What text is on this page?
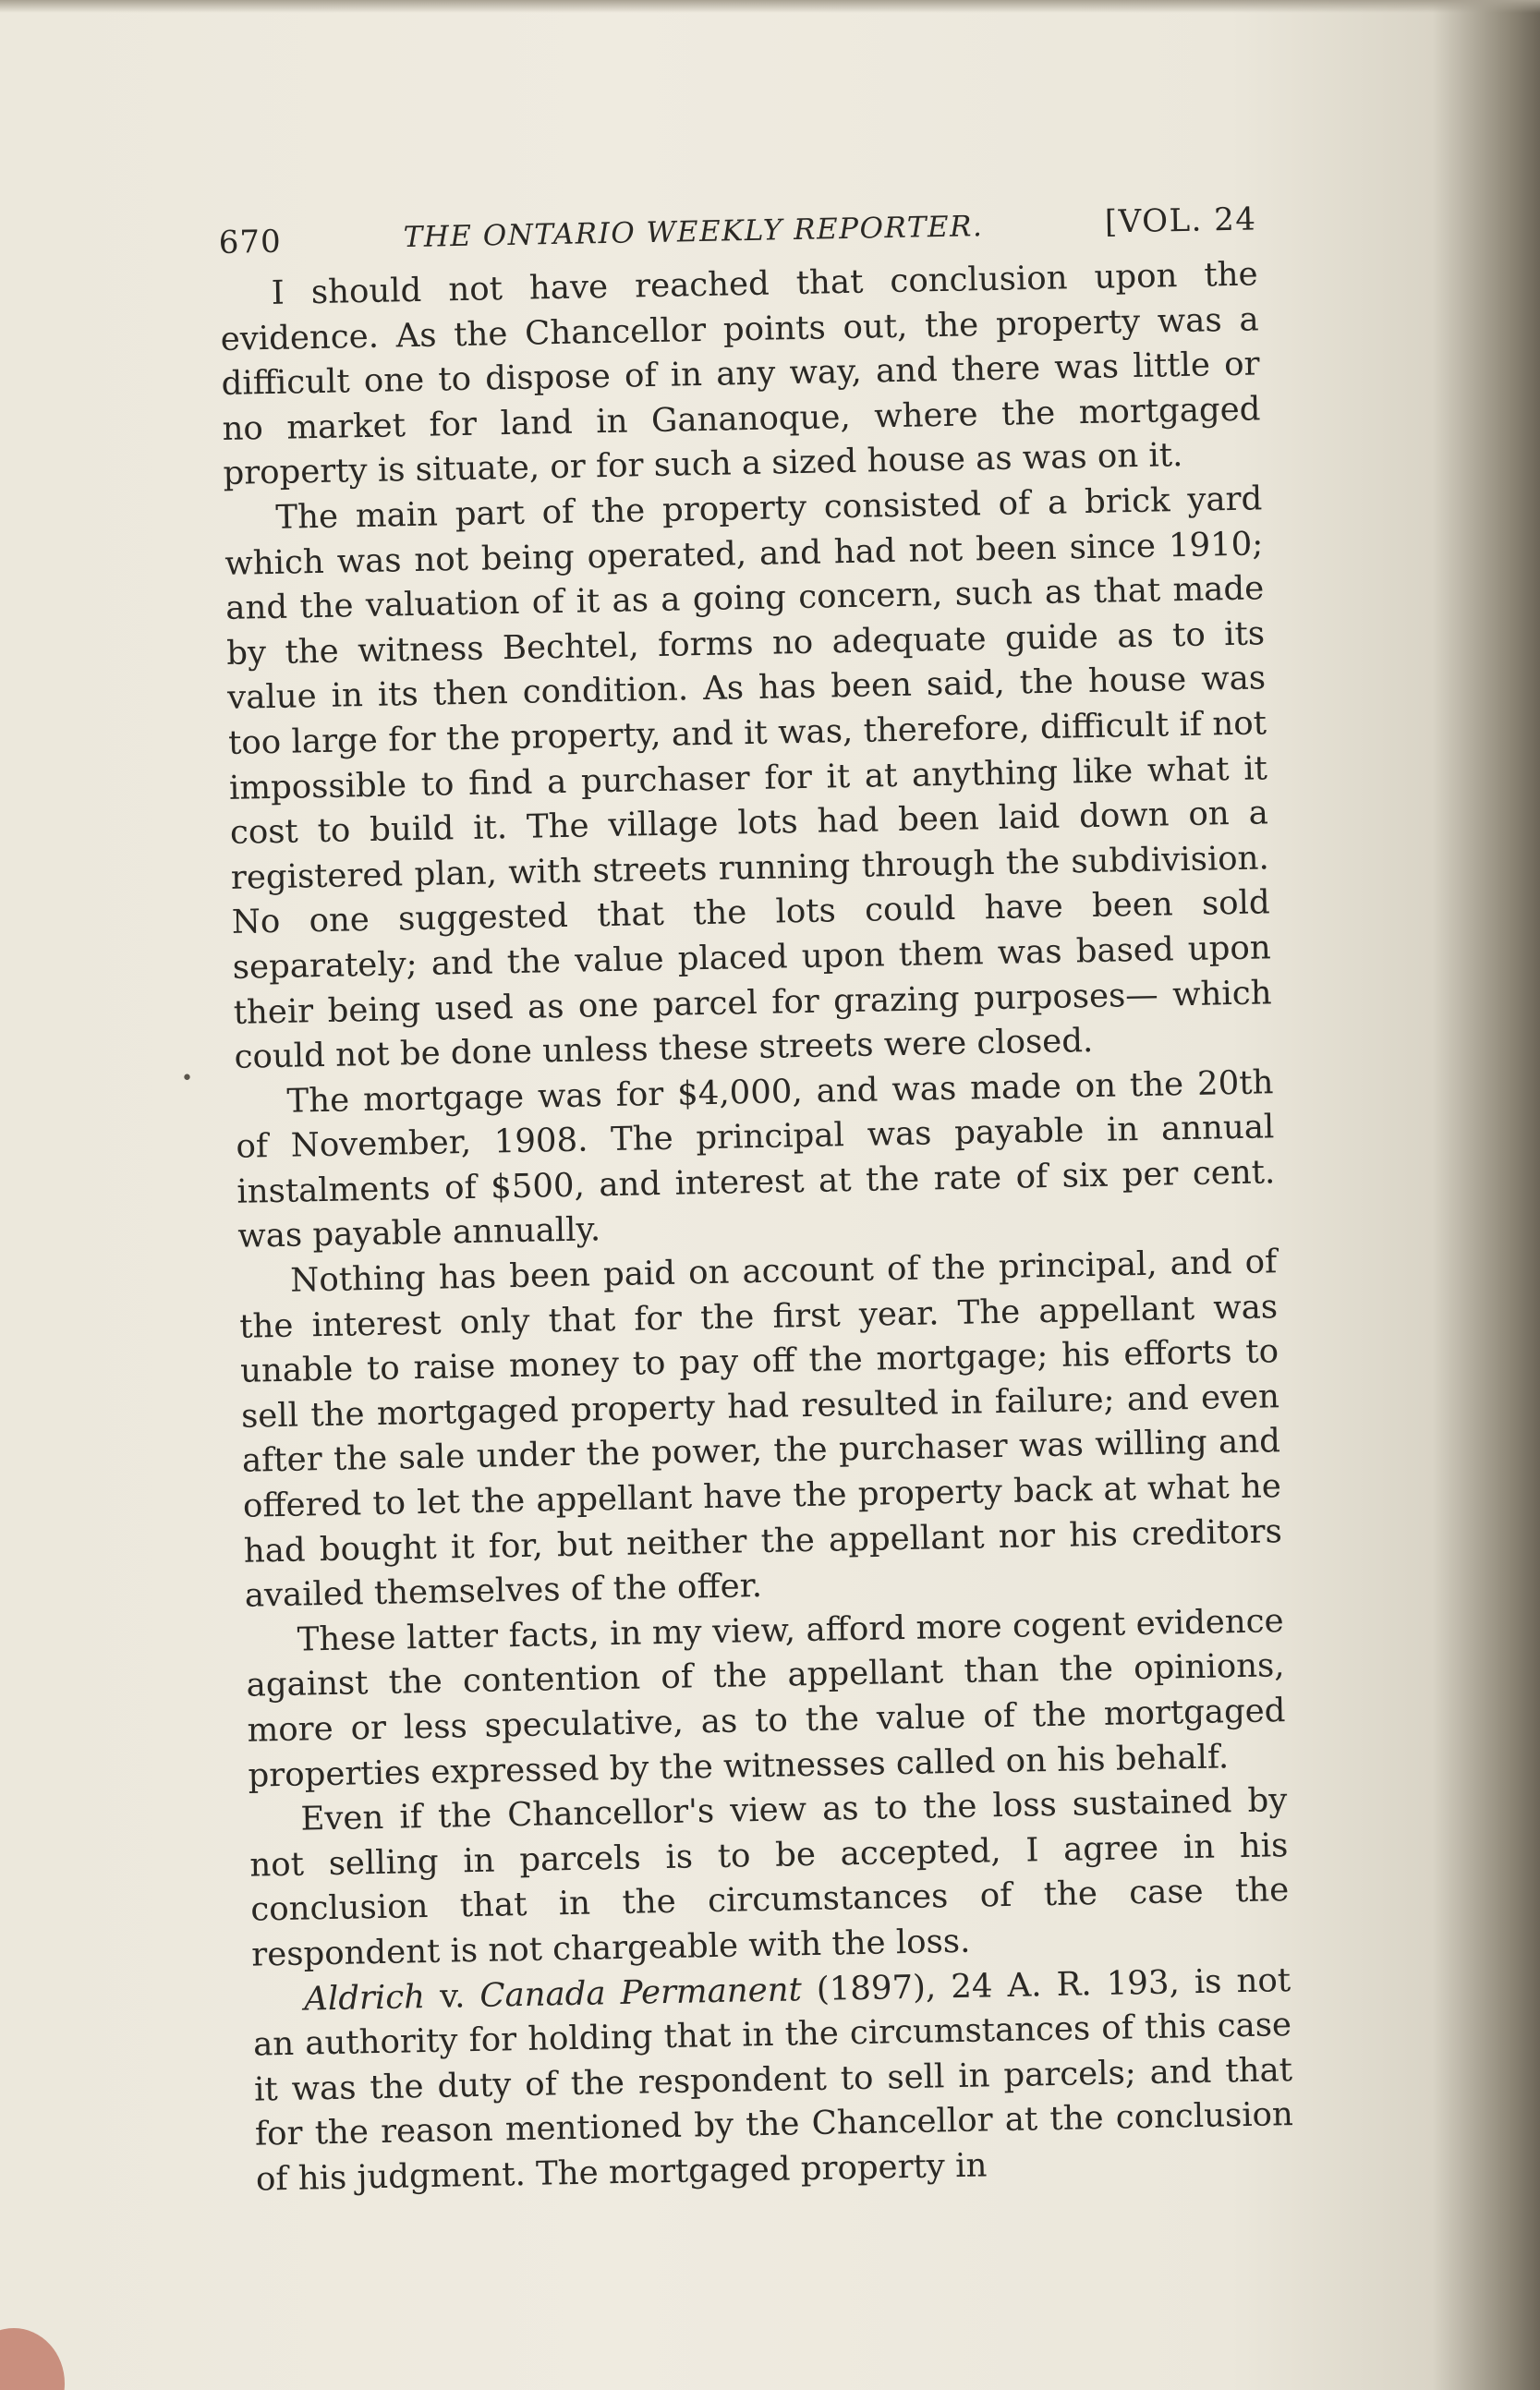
670	THE ONTARIO WEEKLY REPORTER.	[VOL. 24

I should not have reached that conclusion upon the evidence. As the Chancellor points out, the property was a difficult one to dispose of in any way, and there was little or no market for land in Gananoque, where the mortgaged property is situate, or for such a sized house as was on it.

The main part of the property consisted of a brick yard which was not being operated, and had not been since 1910; and the valuation of it as a going concern, such as that made by the witness Bechtel, forms no adequate guide as to its value in its then condition. As has been said, the house was too large for the property, and it was, therefore, difficult if not impossible to find a purchaser for it at anything like what it cost to build it. The village lots had been laid down on a registered plan, with streets running through the subdivision. No one suggested that the lots could have been sold separately; and the value placed upon them was based upon their being used as one parcel for grazing purposes— which could not be done unless these streets were closed.

The mortgage was for $4,000, and was made on the 20th of November, 1908. The principal was payable in annual instalments of $500, and interest at the rate of six per cent. was payable annually.

Nothing has been paid on account of the principal, and of the interest only that for the first year. The appellant was unable to raise money to pay off the mortgage; his efforts to sell the mortgaged property had resulted in failure; and even after the sale under the power, the purchaser was willing and offered to let the appellant have the property back at what he had bought it for, but neither the appellant nor his creditors availed themselves of the offer.

These latter facts, in my view, afford more cogent evidence against the contention of the appellant than the opinions, more or less speculative, as to the value of the mortgaged properties expressed by the witnesses called on his behalf.

Even if the Chancellor's view as to the loss sustained by not selling in parcels is to be accepted, I agree in his conclusion that in the circumstances of the case the respondent is not chargeable with the loss.

Aldrich v. Canada Permanent (1897), 24 A. R. 193, is not an authority for holding that in the circumstances of this case it was the duty of the respondent to sell in parcels; and that for the reason mentioned by the Chancellor at the conclusion of his judgment. The mortgaged property in

•
